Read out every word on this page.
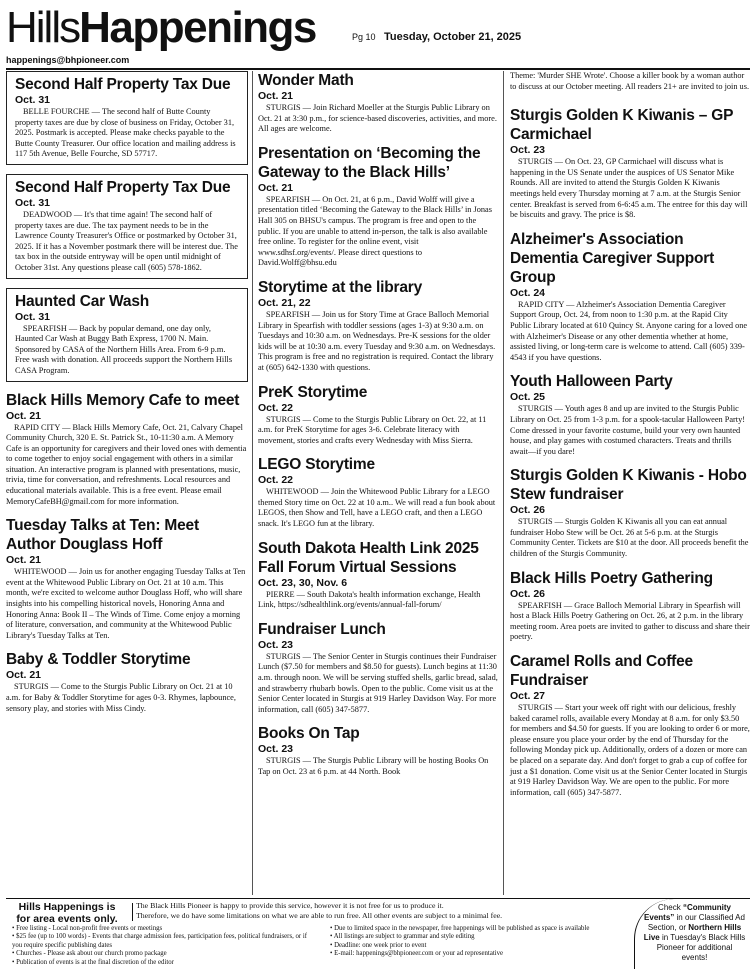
HillsHappenings	Pg 10 Tuesday, October 21, 2025
happenings@bhpioneer.com
Second Half Property Tax Due
Oct. 31

BELLE FOURCHE — The second half of Butte County property taxes are due by close of business on Friday, October 31, 2025. Postmark is accepted. Please make checks payable to the Butte County Treasurer. Our office location and mailing address is 117 5th Avenue, Belle Fourche, SD 57717.

Second Half Property Tax Due
Oct. 31

DEADWOOD — It's that time again! The second half of property taxes are due. The tax payment needs to be in the Lawrence County Treasurer's Office or postmarked by October 31, 2025. If it has a November postmark there will be interest due. The tax box in the outside entryway will be open until midnight of October 31st. Any questions please call (605) 578-1862.

Haunted Car Wash
Oct. 31

SPEARFISH — Back by popular demand, one day only, Haunted Car Wash at Buggy Bath Express, 1700 N. Main. Sponsored by CASA of the Northern Hills Area. From 6-9 p.m. Free wash with donation. All proceeds support the Northern Hills CASA Program.

Black Hills Memory Cafe to meet
Oct. 21

RAPID CITY — Black Hills Memory Cafe, Oct. 21, Calvary Chapel Community Church, 320 E. St. Patrick St., 10-11:30 a.m. A Memory Cafe is an opportunity for caregivers and their loved ones with dementia to come together to enjoy social engagement with others in a similar situation. An interactive program is planned with presentations, music, trivia, time for conversation, and refreshments. Local resources and educational materials available. This is a free event. Please email MemoryCafeBH@gmail.com for more information.

Tuesday Talks at Ten: Meet Author Douglass Hoff
Oct. 21

WHITEWOOD — Join us for another engaging Tuesday Talks at Ten event at the Whitewood Public Library on Oct. 21 at 10 a.m. This month, we're excited to welcome author Douglass Hoff, who will share insights into his compelling historical novels, Honoring Anna and Honoring Anna: Book II – The Winds of Time. Come enjoy a morning of literature, conversation, and community at the Whitewood Public Library's Tuesday Talks at Ten.

Baby & Toddler Storytime
Oct. 21

STURGIS — Come to the Sturgis Public Library on Oct. 21 at 10 a.m. for Baby & Toddler Storytime for ages 0-3. Rhymes, lapbounce, sensory play, and stories with Miss Cindy.

Wonder Math
Oct. 21

STURGIS — Join Richard Moeller at the Sturgis Public Library on Oct. 21 at 3:30 p.m., for science-based discoveries, activities, and more. All ages are welcome.

Presentation on ‘Becoming the Gateway to the Black Hills’
Oct. 21

SPEARFISH — On Oct. 21, at 6 p.m., David Wolff will give a presentation titled ‘Becoming the Gateway to the Black Hills’ in Jonas Hall 305 on BHSU's campus. The program is free and open to the public. If you are unable to attend in-person, the talk is also available free online. To register for the online event, visit www.sdhsf.org/events/. Please direct questions to David.Wolff@bhsu.edu

Storytime at the library
Oct. 21, 22

SPEARFISH — Join us for Story Time at Grace Balloch Memorial Library in Spearfish with toddler sessions (ages 1-3) at 9:30 a.m. on Tuesdays and 10:30 a.m. on Wednesdays. Pre-K sessions for the older kids will be at 10:30 a.m. every Tuesday and 9:30 a.m. on Wednesdays. This program is free and no registration is required. Contact the library at (605) 642-1330 with questions.

PreK Storytime
Oct. 22

STURGIS — Come to the Sturgis Public Library on Oct. 22, at 11 a.m. for PreK Storytime for ages 3-6. Celebrate literacy with movement, stories and crafts every Wednesday with Miss Sierra.

LEGO Storytime
Oct. 22

WHITEWOOD — Join the Whitewood Public Library for a LEGO themed Story time on Oct. 22 at 10 a.m.. We will read a fun book about LEGOS, then Show and Tell, have a LEGO craft, and then a LEGO snack. It's LEGO fun at the library.

South Dakota Health Link 2025 Fall Forum Virtual Sessions
Oct. 23, 30, Nov. 6

PIERRE — South Dakota's health information exchange, Health Link, https://sdhealthlink.org/events/annual-fall-forum/

Fundraiser Lunch
Oct. 23

STURGIS — The Senior Center in Sturgis continues their Fundraiser Lunch ($7.50 for members and $8.50 for guests). Lunch begins at 11:30 a.m. through noon. We will be serving stuffed shells, garlic bread, salad, and strawberry rhubarb bowls. Open to the public. Come visit us at the Senior Center located in Sturgis at 919 Harley Davidson Way. For more information, call (605) 347-5877.

Books On Tap
Oct. 23

STURGIS — The Sturgis Public Library will be hosting Books On Tap on Oct. 23 at 6 p.m. at 44 North. Book

Theme: 'Murder SHE Wrote'. Choose a killer book by a woman author to discuss at our October meeting. All readers 21+ are invited to join us.

Sturgis Golden K Kiwanis – GP Carmichael
Oct. 23

STURGIS — On Oct. 23, GP Carmichael will discuss what is happening in the US Senate under the auspices of US Senator Mike Rounds. All are invited to attend the Sturgis Golden K Kiwanis meetings held every Thursday morning at 7 a.m. at the Sturgis Senior center. Breakfast is served from 6-6:45 a.m. The entree for this day will be biscuits and gravy. The price is $8.

Alzheimer's Association Dementia Caregiver Support Group
Oct. 24

RAPID CITY — Alzheimer's Association Dementia Caregiver Support Group, Oct. 24, from noon to 1:30 p.m. at the Rapid City Public Library located at 610 Quincy St. Anyone caring for a loved one with Alzheimer's Disease or any other dementia whether at home, assisted living, or long-term care is welcome to attend. Call (605) 339-4543 if you have questions.

Youth Halloween Party
Oct. 25

STURGIS — Youth ages 8 and up are invited to the Sturgis Public Library on Oct. 25 from 1-3 p.m. for a spook-tacular Halloween Party! Come dressed in your favorite costume, build your very own haunted house, and play games with costumed characters. Treats and thrills await—if you dare!

Sturgis Golden K Kiwanis - Hobo Stew fundraiser
Oct. 26

STURGIS — Sturgis Golden K Kiwanis all you can eat annual fundraiser Hobo Stew will be Oct. 26 at 5-6 p.m. at the Sturgis Community Center. Tickets are $10 at the door. All proceeds benefit the children of the Sturgis Community.

Black Hills Poetry Gathering
Oct. 26

SPEARFISH — Grace Balloch Memorial Library in Spearfish will host a Black Hills Poetry Gathering on Oct. 26, at 2 p.m. in the library meeting room. Area poets are invited to gather to discuss and share their poetry.

Caramel Rolls and Coffee Fundraiser
Oct. 27

STURGIS — Start your week off right with our delicious, freshly baked caramel rolls, available every Monday at 8 a.m. for only $3.50 for members and $4.50 for guests. If you are looking to order 6 or more, please ensure you place your order by the end of Thursday for the following Monday pick up. Additionally, orders of a dozen or more can be placed on a separate day. And don't forget to grab a cup of coffee for just a $1 donation. Come visit us at the Senior Center located in Sturgis at 919 Harley Davidson Way. We are open to the public. For more information, call (605) 347-5877.

Hills Happenings is
for area events only.
The Black Hills Pioneer is happy to provide this service, however it is not free for us to produce it.
Therefore, we do have some limitations on what we are able to run free. All other events are subject to a minimal fee.
• Free listing - Local non-profit free events or meetings
• $25 fee (up to 100 words) - Events that charge admission fees, participation fees, political fundraisers, or if you require specific publishing dates
• Churches - Please ask about our church promo package
• Publication of events is at the final discretion of the editor
• Due to limited space in the newspaper, free happenings will be published as space is available
• All listings are subject to grammar and style editing
• Deadline: one week prior to event
• E-mail: happenings@bhpioneer.com or your ad representative
Check “Community Events” in our Classified Ad Section, or Northern Hills Live in Tuesday's Black Hills Pioneer for additional events!
